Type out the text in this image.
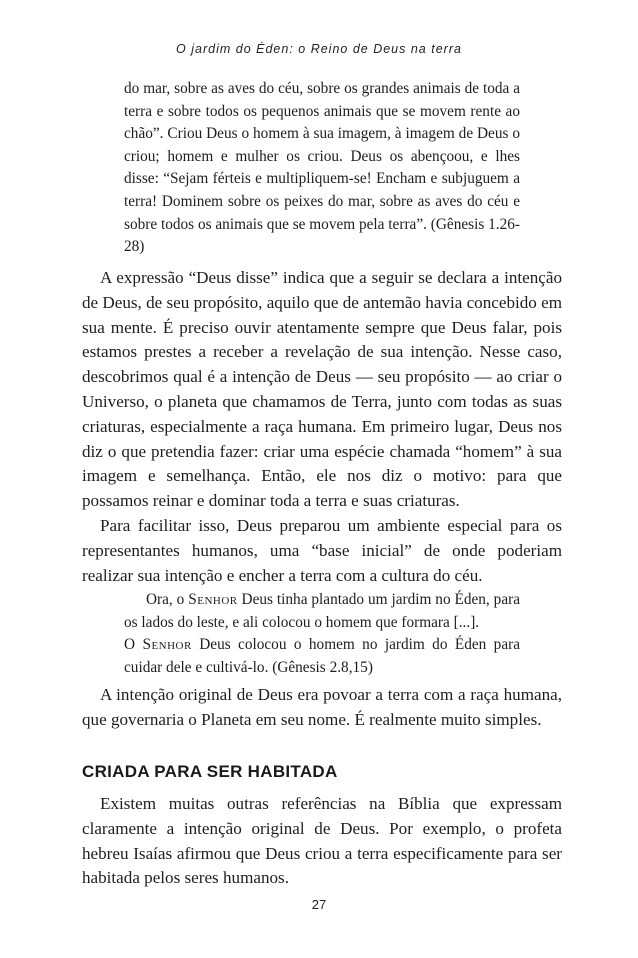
O jardim do Éden: o Reino de Deus na terra

do mar, sobre as aves do céu, sobre os grandes animais de toda a terra e sobre todos os pequenos animais que se movem rente ao chão”. Criou Deus o homem à sua imagem, à imagem de Deus o criou; homem e mulher os criou. Deus os abençoou, e lhes disse: “Sejam férteis e multipliquem-se! Encham e subjuguem a terra! Dominem sobre os peixes do mar, sobre as aves do céu e sobre todos os animais que se movem pela terra”. (Gênesis 1.26-28)

A expressão “Deus disse” indica que a seguir se declara a intenção de Deus, de seu propósito, aquilo que de antemão havia concebido em sua mente. É preciso ouvir atentamente sempre que Deus falar, pois estamos prestes a receber a revelação de sua intenção. Nesse caso, descobrimos qual é a intenção de Deus — seu propósito — ao criar o Universo, o planeta que chamamos de Terra, junto com todas as suas criaturas, especialmente a raça humana. Em primeiro lugar, Deus nos diz o que pretendia fazer: criar uma espécie chamada “homem” à sua imagem e semelhança. Então, ele nos diz o motivo: para que possamos reinar e dominar toda a terra e suas criaturas.

Para facilitar isso, Deus preparou um ambiente especial para os representantes humanos, uma “base inicial” de onde poderiam realizar sua intenção e encher a terra com a cultura do céu.

Ora, o Senhor Deus tinha plantado um jardim no Éden, para os lados do leste, e ali colocou o homem que formara [...].

O Senhor Deus colocou o homem no jardim do Éden para cuidar dele e cultivá-lo. (Gênesis 2.8,15)

A intenção original de Deus era povoar a terra com a raça humana, que governaria o Planeta em seu nome. É realmente muito simples.

CRIADA PARA SER HABITADA

Existem muitas outras referências na Bíblia que expressam claramente a intenção original de Deus. Por exemplo, o profeta hebreu Isaías afirmou que Deus criou a terra especificamente para ser habitada pelos seres humanos.

27
